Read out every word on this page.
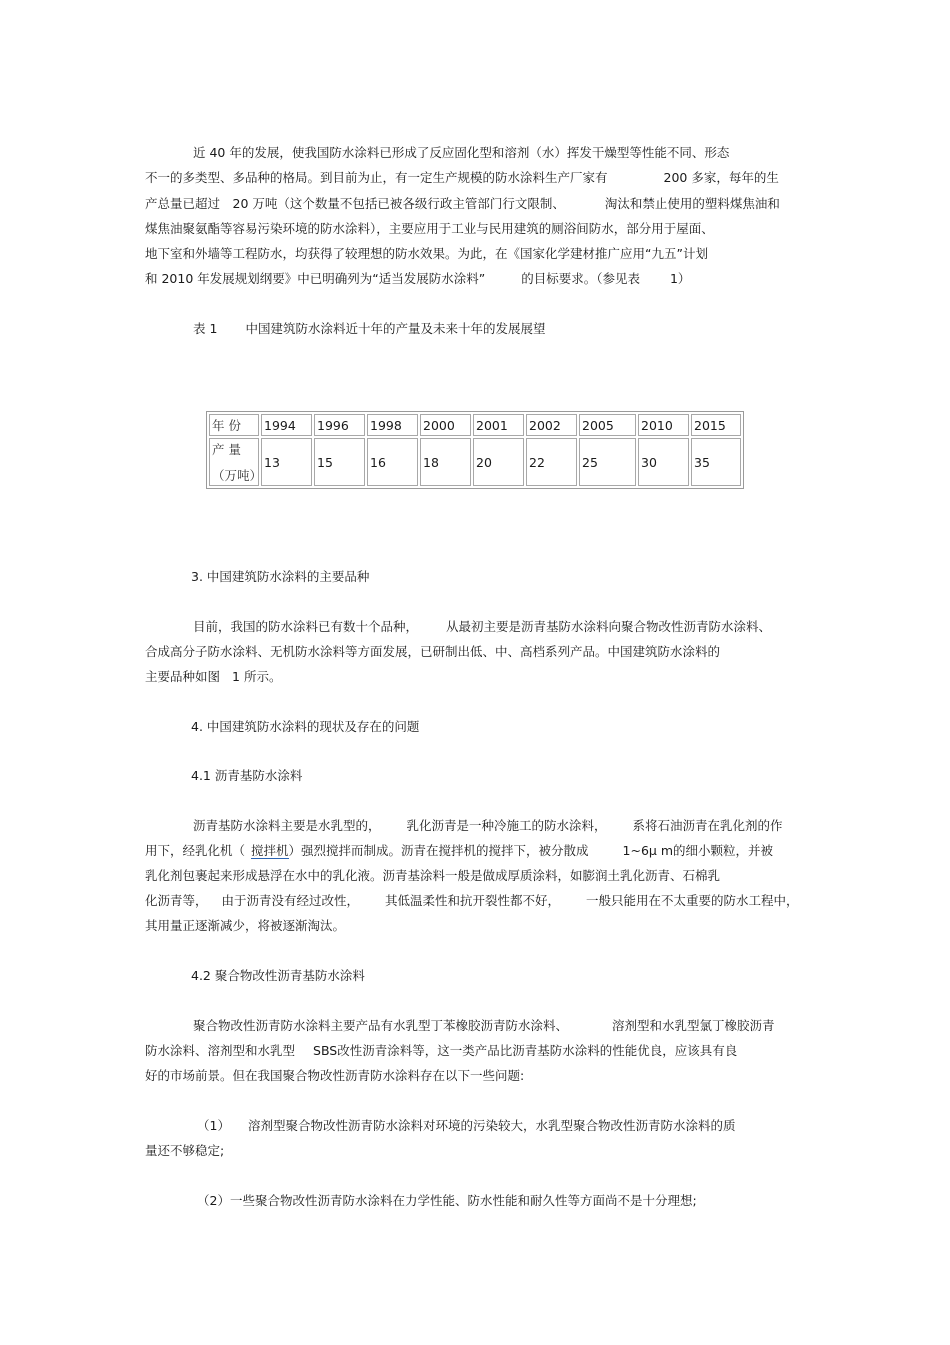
近 40 年的发展，使我国防水涂料已形成了反应固化型和溶剂（水）挥发干燥型等性能不同、形态
不一的多类型、多品种的格局。到目前为止，有一定生产规模的防水涂料生产厂家有	200 多家，每年的生
产总量已超过　20 万吨（这个数量不包括已被各级行政主管部门行文限制、	淘汰和禁止使用的塑料煤焦油和
煤焦油聚氨酯等容易污染环境的防水涂料），主要应用于工业与民用建筑的厕浴间防水，部分用于屋面、
地下室和外墙等工程防水，均获得了较理想的防水效果。为此，在《国家化学建材推广应用“九五”计划
和 2010 年发展规划纲要》中已明确列为“适当发展防水涂料”	的目标要求。（参见表 1）
表 1 中国建筑防水涂料近十年的产量及未来十年的发展展望
年 份	1994	1996	1998	2000	2001	2002	2005	2010	2015

产 量
（万吨）	13	15	16	18	20	22	25	30	35
3. 中国建筑防水涂料的主要品种
目前，我国的防水涂料已有数十个品种， 从最初主要是沥青基防水涂料向聚合物改性沥青防水涂料、
合成高分子防水涂料、无机防水涂料等方面发展，已研制出低、中、高档系列产品。中国建筑防水涂料的
主要品种如图 1 所示。
4. 中国建筑防水涂料的现状及存在的问题
4.1 沥青基防水涂料
沥青基防水涂料主要是水乳型的， 乳化沥青是一种冷施工的防水涂料， 系将石油沥青在乳化剂的作
用下，经乳化机（ 搅拌机）强烈搅拌而制成。沥青在搅拌机的搅拌下，被分散成	1~6μ m的细小颗粒，并被
乳化剂包裹起来形成悬浮在水中的乳化液。沥青基涂料一般是做成厚质涂料，如膨润土乳化沥青、石棉乳
化沥青等， 由于沥青没有经过改性， 其低温柔性和抗开裂性都不好， 一般只能用在不太重要的防水工程中，
其用量正逐渐减少，将被逐渐淘汰。
4.2 聚合物改性沥青基防水涂料
聚合物改性沥青防水涂料主要产品有水乳型丁苯橡胶沥青防水涂料、	溶剂型和水乳型氯丁橡胶沥青
防水涂料、溶剂型和水乳型 SBS改性沥青涂料等，这一类产品比沥青基防水涂料的性能优良，应该具有良
好的市场前景。但在我国聚合物改性沥青防水涂料存在以下一些问题:
（1） 溶剂型聚合物改性沥青防水涂料对环境的污染较大，水乳型聚合物改性沥青防水涂料的质
量还不够稳定;
（2）一些聚合物改性沥青防水涂料在力学性能、防水性能和耐久性等方面尚不是十分理想;
